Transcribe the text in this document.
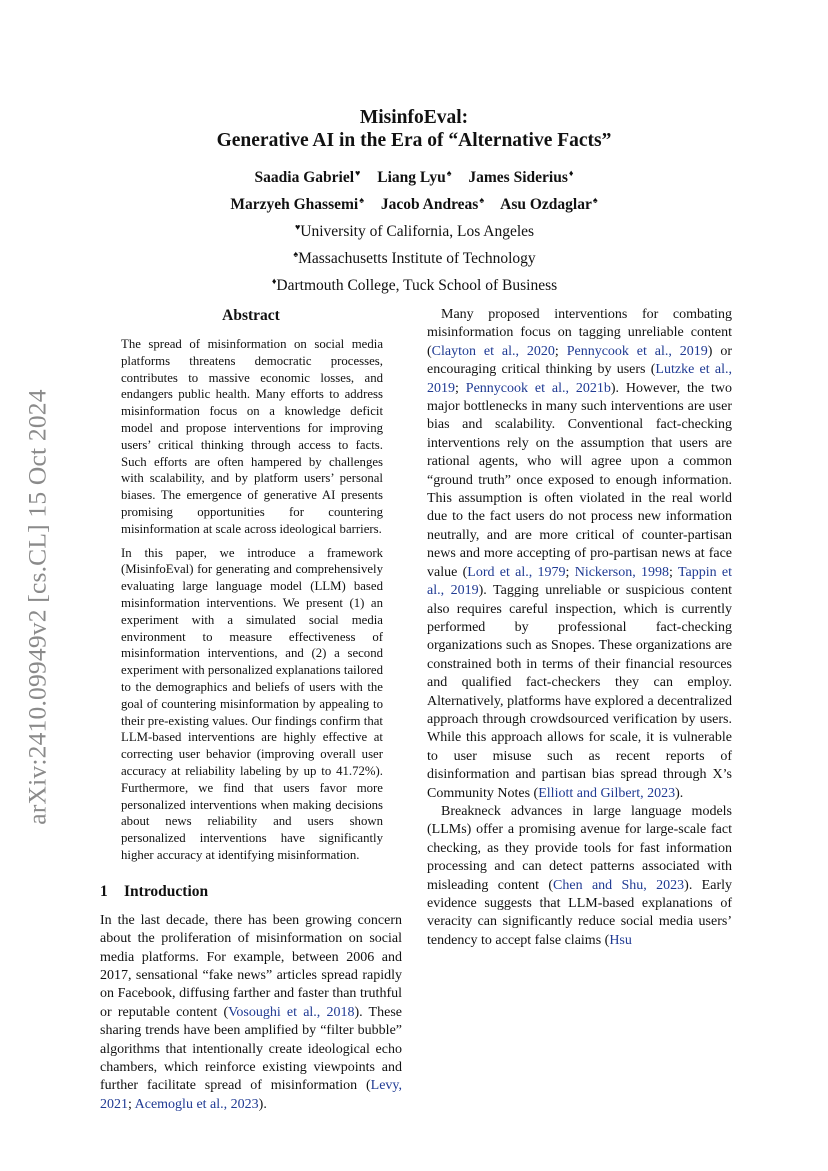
arXiv:2410.09949v2 [cs.CL] 15 Oct 2024
MisinfoEval:
Generative AI in the Era of “Alternative Facts”
Saadia Gabriel♥ Liang Lyu♠ James Siderius♦
Marzyeh Ghassemi♠ Jacob Andreas♠ Asu Ozdaglar♠
♥University of California, Los Angeles
♠Massachusetts Institute of Technology
♦Dartmouth College, Tuck School of Business
Abstract

The spread of misinformation on social media platforms threatens democratic processes, contributes to massive economic losses, and endangers public health. Many efforts to address misinformation focus on a knowledge deficit model and propose interventions for improving users’ critical thinking through access to facts. Such efforts are often hampered by challenges with scalability, and by platform users’ personal biases. The emergence of generative AI presents promising opportunities for countering misinformation at scale across ideological barriers.

In this paper, we introduce a framework (MisinfoEval) for generating and comprehensively evaluating large language model (LLM) based misinformation interventions. We present (1) an experiment with a simulated social media environment to measure effectiveness of misinformation interventions, and (2) a second experiment with personalized explanations tailored to the demographics and beliefs of users with the goal of countering misinformation by appealing to their pre-existing values. Our findings confirm that LLM-based interventions are highly effective at correcting user behavior (improving overall user accuracy at reliability labeling by up to 41.72%). Furthermore, we find that users favor more personalized interventions when making decisions about news reliability and users shown personalized interventions have significantly higher accuracy at identifying misinformation.

1 Introduction

In the last decade, there has been growing concern about the proliferation of misinformation on social media platforms. For example, between 2006 and 2017, sensational “fake news” articles spread rapidly on Facebook, diffusing farther and faster than truthful or reputable content (Vosoughi et al., 2018). These sharing trends have been amplified by “filter bubble” algorithms that intentionally create ideological echo chambers, which reinforce existing viewpoints and further facilitate spread of misinformation (Levy, 2021; Acemoglu et al., 2023).

Many proposed interventions for combating misinformation focus on tagging unreliable content (Clayton et al., 2020; Pennycook et al., 2019) or encouraging critical thinking by users (Lutzke et al., 2019; Pennycook et al., 2021b). However, the two major bottlenecks in many such interventions are user bias and scalability. Conventional fact-checking interventions rely on the assumption that users are rational agents, who will agree upon a common “ground truth” once exposed to enough information. This assumption is often violated in the real world due to the fact users do not process new information neutrally, and are more critical of counter-partisan news and more accepting of pro-partisan news at face value (Lord et al., 1979; Nickerson, 1998; Tappin et al., 2019). Tagging unreliable or suspicious content also requires careful inspection, which is currently performed by professional fact-checking organizations such as Snopes. These organizations are constrained both in terms of their financial resources and qualified fact-checkers they can employ. Alternatively, platforms have explored a decentralized approach through crowdsourced verification by users. While this approach allows for scale, it is vulnerable to user misuse such as recent reports of disinformation and partisan bias spread through X’s Community Notes (Elliott and Gilbert, 2023).

Breakneck advances in large language models (LLMs) offer a promising avenue for large-scale fact checking, as they provide tools for fast information processing and can detect patterns associated with misleading content (Chen and Shu, 2023). Early evidence suggests that LLM-based explanations of veracity can significantly reduce social media users’ tendency to accept false claims (Hsu
